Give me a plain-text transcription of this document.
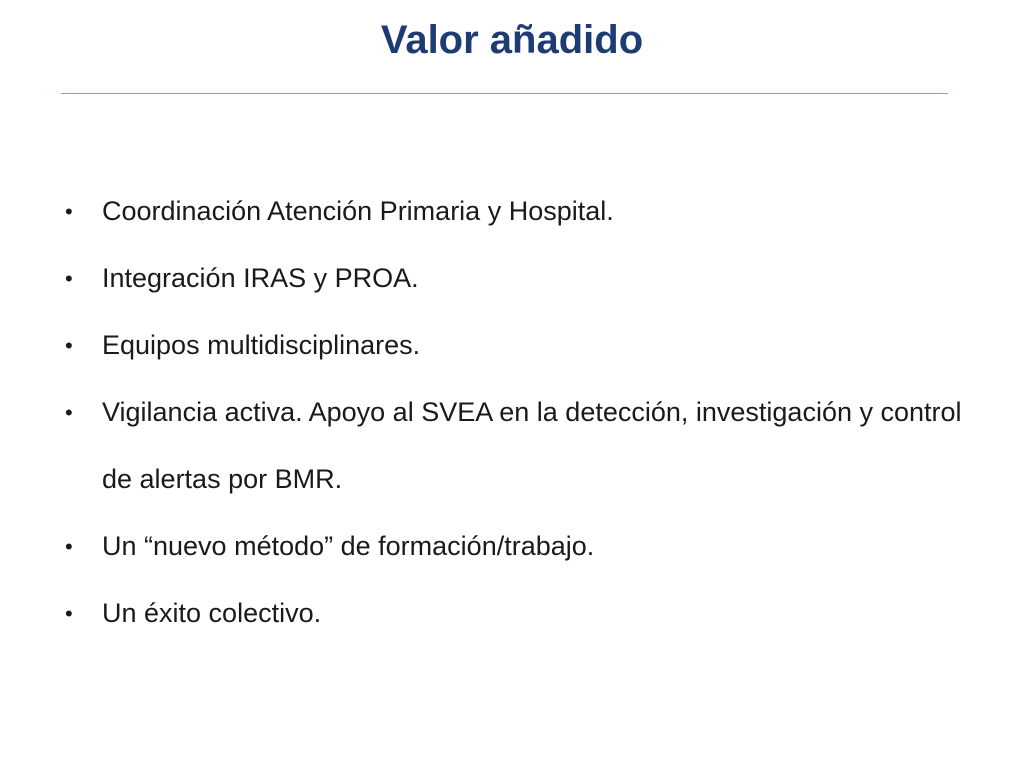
Valor añadido
• Coordinación Atención Primaria y Hospital.
• Integración IRAS y PROA.
• Equipos multidisciplinares.
• Vigilancia activa. Apoyo al SVEA en la detección, investigación y control de alertas por BMR.
• Un “nuevo método” de formación/trabajo.
• Un éxito colectivo.
